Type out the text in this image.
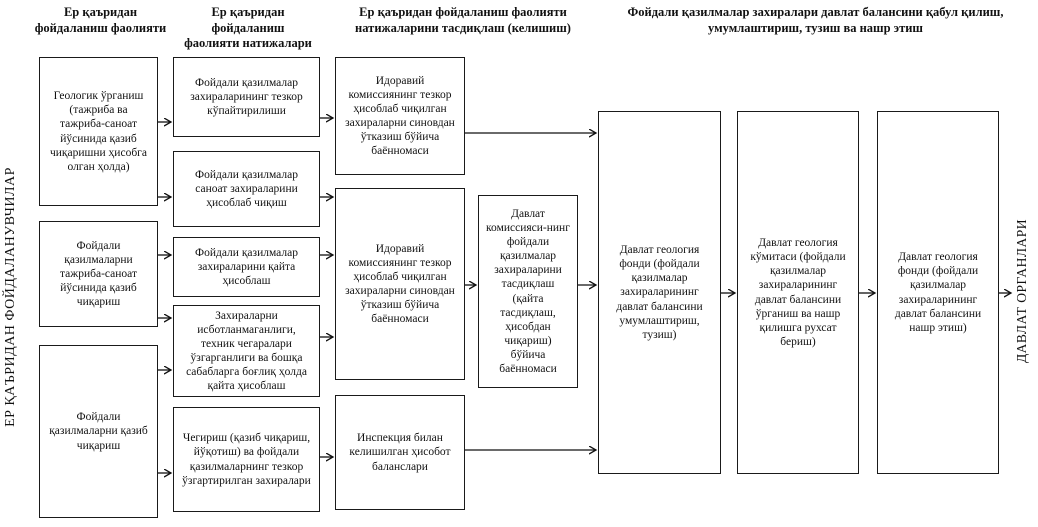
Ер қаъридан фойдаланиш фаолияти
Ер қаъридан фойдаланиш фаолияти натижалари
Ер қаъридан фойдаланиш фаолияти натижаларини тасдиқлаш (келишиш)
Фойдали қазилмалар захиралари давлат балансини қабул қилиш, умумлаштириш, тузиш ва нашр этиш
ЕР ҚАЪРИДАН ФОЙДАЛАНУВЧИЛАР	ДАВЛАТ ОРГАНЛАРИ
Геологик ўрганиш (тажриба ва тажриба-саноат йўсинида қазиб чиқаришни ҳисобга олган ҳолда)
Фойдали қазилмаларни тажриба-саноат йўсинида қазиб чиқариш
Фойдали қазилмаларни қазиб чиқариш
Фойдали қазилмалар захираларининг тезкор кўпайтирилиши
Фойдали қазилмалар саноат захираларини ҳисоблаб чиқиш
Фойдали қазилмалар захираларини қайта ҳисоблаш
Захираларни исботланмаганлиги, техник чегаралари ўзгарганлиги ва бошқа сабабларга боғлиқ ҳолда қайта ҳисоблаш
Чегириш (қазиб чиқариш, йўқотиш) ва фойдали қазилмаларнинг тезкор ўзгартирилган захиралари
Идоравий комиссиянинг тезкор ҳисоблаб чиқилган захираларни синовдан ўтказиш бўйича баённомаси
Идоравий комиссиянинг тезкор ҳисоблаб чиқилган захираларни синовдан ўтказиш бўйича баённомаси
Инспекция билан келишилган ҳисобот баланслари
Давлат комиссияси-нинг фойдали қазилмалар захираларини тасдиқлаш (қайта тасдиқлаш, ҳисобдан чиқариш) бўйича баённомаси
Давлат геология фонди (фойдали қазилмалар захираларининг давлат балансини умумлаштириш, тузиш)
Давлат геология кўмитаси (фойдали қазилмалар захираларининг давлат балансини ўрганиш ва нашр қилишга рухсат бериш)
Давлат геология фонди (фойдали қазилмалар захираларининг давлат балансини нашр этиш)
